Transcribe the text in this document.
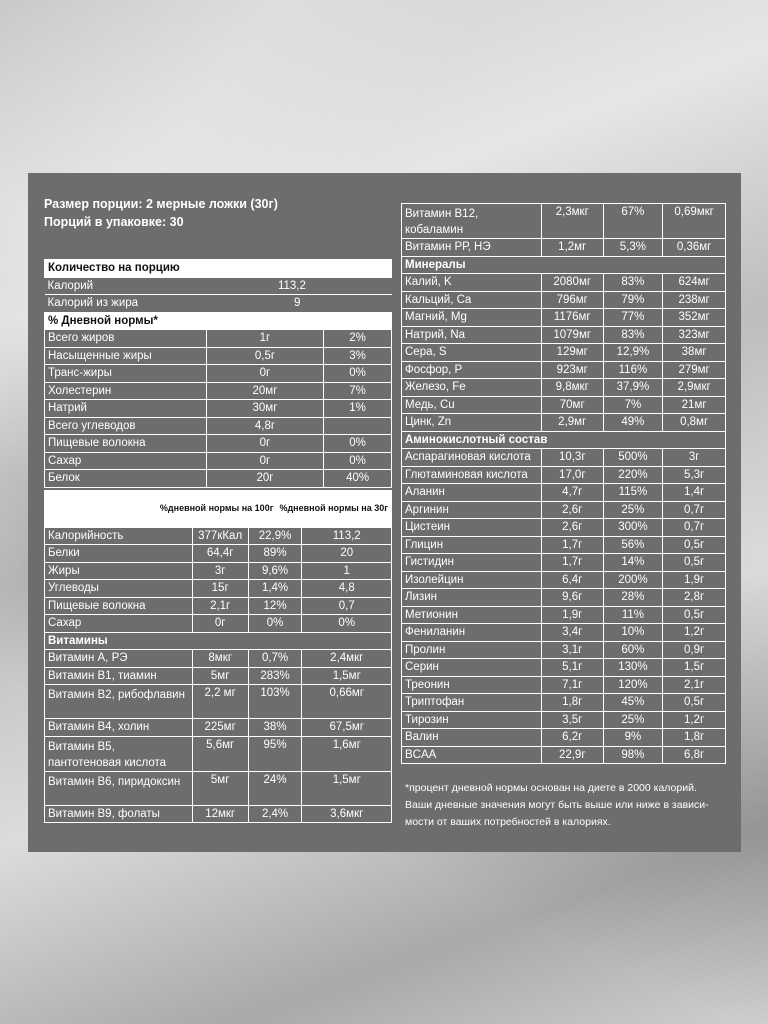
Размер порции: 2 мерные ложки (30г)
Порций в упаковке: 30
Количество на порцию			
Калорий		113,2	
Калорий из жира		9	
% Дневной нормы*			
Всего жиров	1г		2%
Насыщенные жиры	0,5г		3%
Транс-жиры	0г		0%
Холестерин	20мг		7%
Натрий	30мг		1%
Всего углеводов	4,8г		
Пищевые волокна	0г		0%
Сахар	0г		0%
Белок	20г		40%
	%дневной нормы на 100г	%дневной нормы на 30г
Калорийность	377кКал	22,9%	113,2
Белки	64,4г	89%	20
Жиры	3г	9,6%	1
Углеводы	15г	1,4%	4,8
Пищевые волокна	2,1г	12%	0,7
Сахар	0г	0%	0%
Витамины			
Витамин А, РЭ	8мкг	0,7%	2,4мкг
Витамин В1, тиамин	5мг	283%	1,5мг
Витамин В2, рибофлавин	2,2 мг	103%	0,66мг
Витамин В4, холин	225мг	38%	67,5мг
Витамин В5, пантотеновая кислота	5,6мг	95%	1,6мг
Витамин В6, пиридоксин	5мг	24%	1,5мг
Витамин В9, фолаты	12мкг	2,4%	3,6мкг
Витамин В12, кобаламин	2,3мкг	67%	0,69мкг
Витамин РР, НЭ	1,2мг	5,3%	0,36мг
Минералы			
Калий, K	2080мг	83%	624мг
Кальций, Ca	796мг	79%	238мг
Магний, Mg	1176мг	77%	352мг
Натрий, Na	1079мг	83%	323мг
Сера, S	129мг	12,9%	38мг
Фосфор, P	923мг	116%	279мг
Железо, Fe	9,8мкг	37,9%	2,9мкг
Медь, Cu	70мг	7%	21мг
Цинк, Zn	2,9мг	49%	0,8мг
Аминокислотный состав			
Аспарагиновая кислота	10,3г	500%	3г
Глютаминовая кислота	17,0г	220%	5,3г
Аланин	4,7г	115%	1,4г
Аргинин	2,6г	25%	0,7г
Цистеин	2,6г	300%	0,7г
Глицин	1,7г	56%	0,5г
Гистидин	1,7г	14%	0,5г
Изолейцин	6,4г	200%	1,9г
Лизин	9,6г	28%	2,8г
Метионин	1,9г	11%	0,5г
Фениланин	3,4г	10%	1,2г
Пролин	3,1г	60%	0,9г
Серин	5,1г	130%	1,5г
Треонин	7,1г	120%	2,1г
Триптофан	1,8г	45%	0,5г
Тирозин	3,5г	25%	1,2г
Валин	6,2г	9%	1,8г
BCAA	22,9г	98%	6,8г
*процент дневной нормы основан на диете в 2000 калорий. Ваши дневные значения могут быть выше или ниже в зависи-мости от ваших потребностей в калориях.
